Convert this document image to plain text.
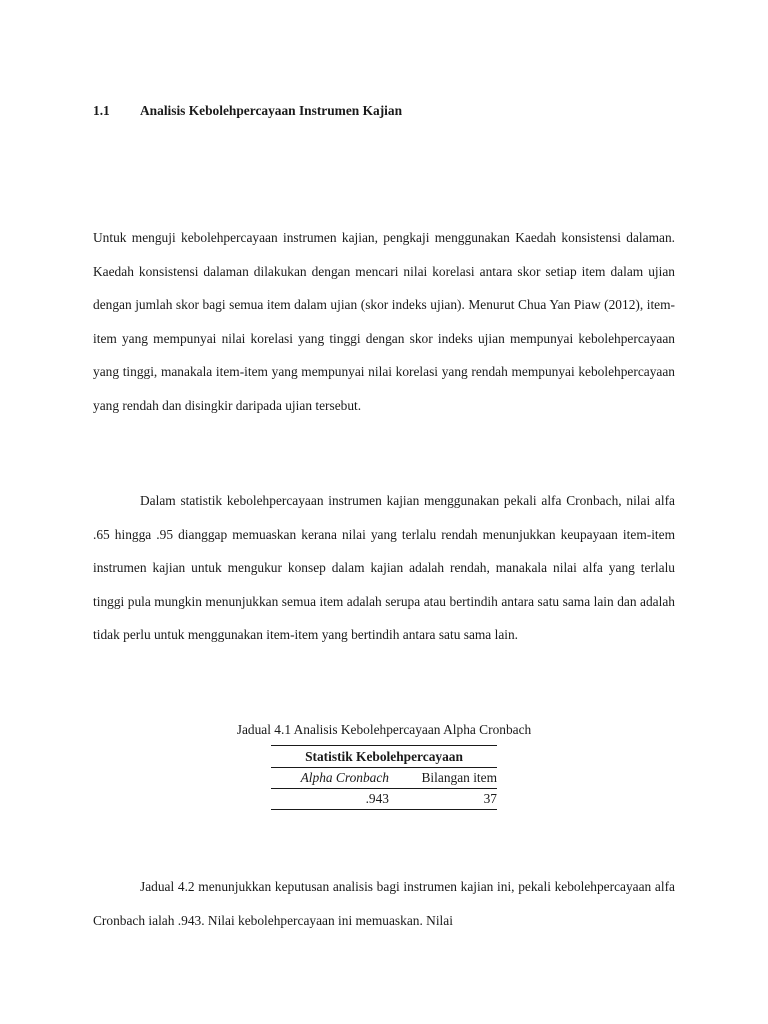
1.1 Analisis Kebolehpercayaan Instrumen Kajian

Untuk menguji kebolehpercayaan instrumen kajian, pengkaji menggunakan Kaedah konsistensi dalaman. Kaedah konsistensi dalaman dilakukan dengan mencari nilai korelasi antara skor setiap item dalam ujian dengan jumlah skor bagi semua item dalam ujian (skor indeks ujian). Menurut Chua Yan Piaw (2012), item-item yang mempunyai nilai korelasi yang tinggi dengan skor indeks ujian mempunyai kebolehpercayaan yang tinggi, manakala item-item yang mempunyai nilai korelasi yang rendah mempunyai kebolehpercayaan yang rendah dan disingkir daripada ujian tersebut.

Dalam statistik kebolehpercayaan instrumen kajian menggunakan pekali alfa Cronbach, nilai alfa .65 hingga .95 dianggap memuaskan kerana nilai yang terlalu rendah menunjukkan keupayaan item-item instrumen kajian untuk mengukur konsep dalam kajian adalah rendah, manakala nilai alfa yang terlalu tinggi pula mungkin menunjukkan semua item adalah serupa atau bertindih antara satu sama lain dan adalah tidak perlu untuk menggunakan item-item yang bertindih antara satu sama lain.

Jadual 4.1 Analisis Kebolehpercayaan Alpha Cronbach
Statistik Kebolehpercayaan	
Alpha Cronbach	Bilangan item
.943	37

Jadual 4.2 menunjukkan keputusan analisis bagi instrumen kajian ini, pekali kebolehpercayaan alfa Cronbach ialah .943. Nilai kebolehpercayaan ini memuaskan. Nilai
